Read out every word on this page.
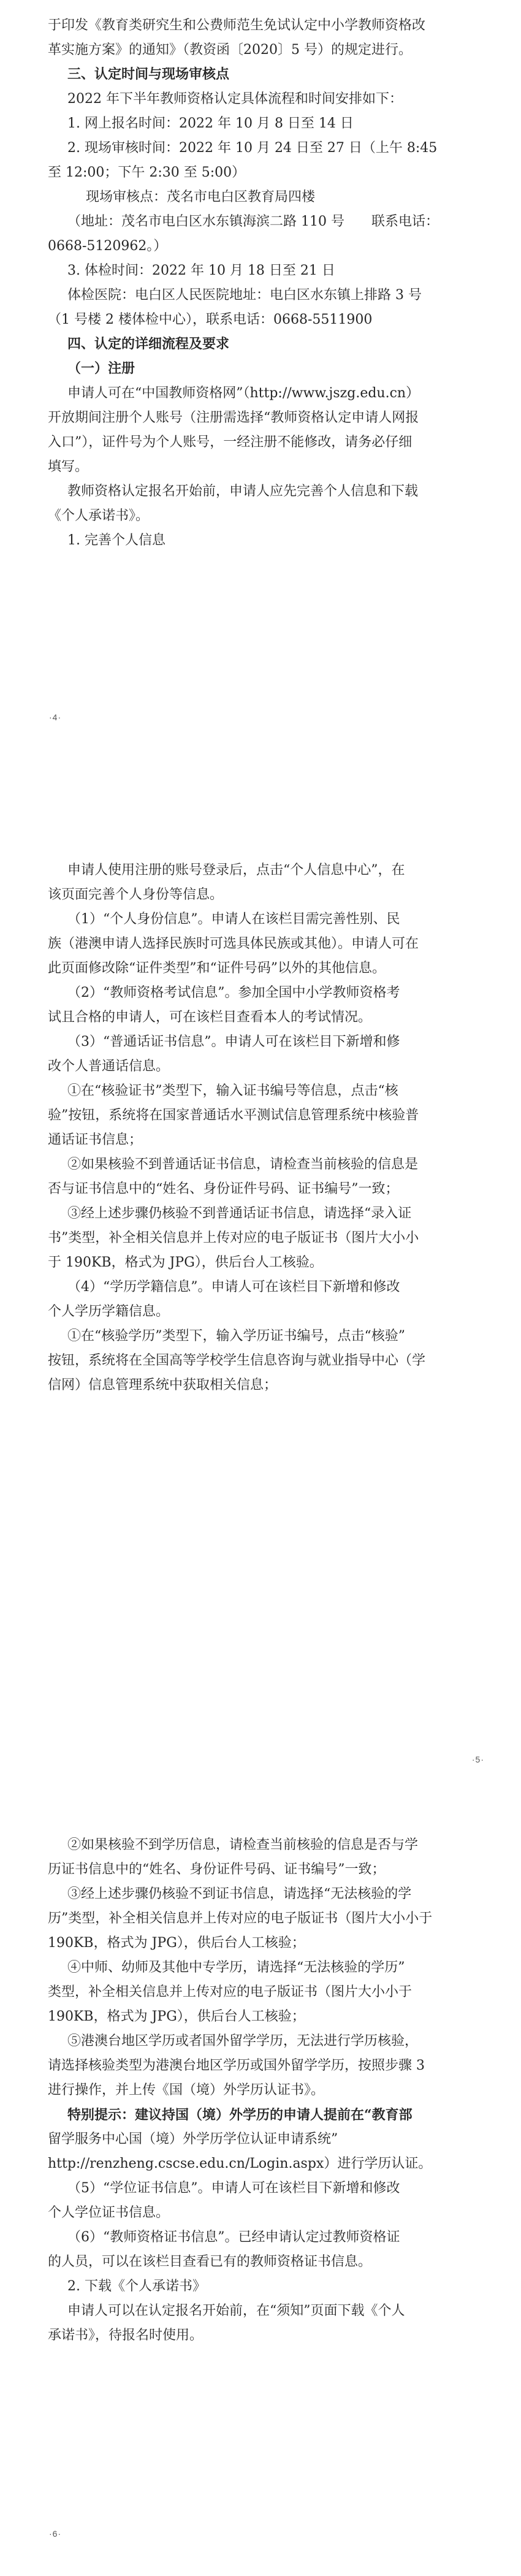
于印发《教育类研究生和公费师范生免试认定中小学教师资格改

革实施方案》的通知》（教资函〔2020〕5 号）的规定进行。

三、认定时间与现场审核点

2022 年下半年教师资格认定具体流程和时间安排如下：

1. 网上报名时间：2022 年 10 月 8 日至 14 日

2. 现场审核时间：2022 年 10 月 24 日至 27 日（上午 8:45

至 12:00；下午 2:30 至 5:00）

现场审核点：茂名市电白区教育局四楼

（地址：茂名市电白区水东镇海滨二路 110 号　　联系电话：

0668-5120962。）

3. 体检时间：2022 年 10 月 18 日至 21 日

体检医院：电白区人民医院地址：电白区水东镇上排路 3 号

（1 号楼 2 楼体检中心），联系电话：0668-5511900

四、认定的详细流程及要求

（一）注册

申请人可在“中国教师资格网”（http://www.jszg.edu.cn）

开放期间注册个人账号（注册需选择“教师资格认定申请人网报

入口”），证件号为个人账号，一经注册不能修改，请务必仔细

填写。

教师资格认定报名开始前，申请人应先完善个人信息和下载

《个人承诺书》。

1. 完善个人信息

·4·

申请人使用注册的账号登录后，点击“个人信息中心”，在

该页面完善个人身份等信息。

（1）“个人身份信息”。申请人在该栏目需完善性别、民

族（港澳申请人选择民族时可选具体民族或其他）。申请人可在

此页面修改除“证件类型”和“证件号码”以外的其他信息。

（2）“教师资格考试信息”。参加全国中小学教师资格考

试且合格的申请人，可在该栏目查看本人的考试情况。

（3）“普通话证书信息”。申请人可在该栏目下新增和修

改个人普通话信息。

①在“核验证书”类型下，输入证书编号等信息，点击“核

验”按钮，系统将在国家普通话水平测试信息管理系统中核验普

通话证书信息；

②如果核验不到普通话证书信息，请检查当前核验的信息是

否与证书信息中的“姓名、身份证件号码、证书编号”一致；

③经上述步骤仍核验不到普通话证书信息，请选择“录入证

书”类型，补全相关信息并上传对应的电子版证书（图片大小小

于 190KB，格式为 JPG），供后台人工核验。

（4）“学历学籍信息”。申请人可在该栏目下新增和修改

个人学历学籍信息。

①在“核验学历”类型下，输入学历证书编号，点击“核验”

按钮，系统将在全国高等学校学生信息咨询与就业指导中心（学

信网）信息管理系统中获取相关信息；

·5·

②如果核验不到学历信息，请检查当前核验的信息是否与学

历证书信息中的“姓名、身份证件号码、证书编号”一致；

③经上述步骤仍核验不到证书信息，请选择“无法核验的学

历”类型，补全相关信息并上传对应的电子版证书（图片大小小于

190KB，格式为 JPG），供后台人工核验；

④中师、幼师及其他中专学历，请选择“无法核验的学历”

类型，补全相关信息并上传对应的电子版证书（图片大小小于

190KB，格式为 JPG），供后台人工核验；

⑤港澳台地区学历或者国外留学学历，无法进行学历核验，

请选择核验类型为港澳台地区学历或国外留学学历，按照步骤 3

进行操作，并上传《国（境）外学历认证书》。

特别提示：建议持国（境）外学历的申请人提前在“教育部

留学服务中心国（境）外学历学位认证申请系统”

http://renzheng.cscse.edu.cn/Login.aspx）进行学历认证。

（5）“学位证书信息”。申请人可在该栏目下新增和修改

个人学位证书信息。

（6）“教师资格证书信息”。已经申请认定过教师资格证

的人员，可以在该栏目查看已有的教师资格证书信息。

2. 下载《个人承诺书》

申请人可以在认定报名开始前，在“须知”页面下载《个人

承诺书》，待报名时使用。

·6·
